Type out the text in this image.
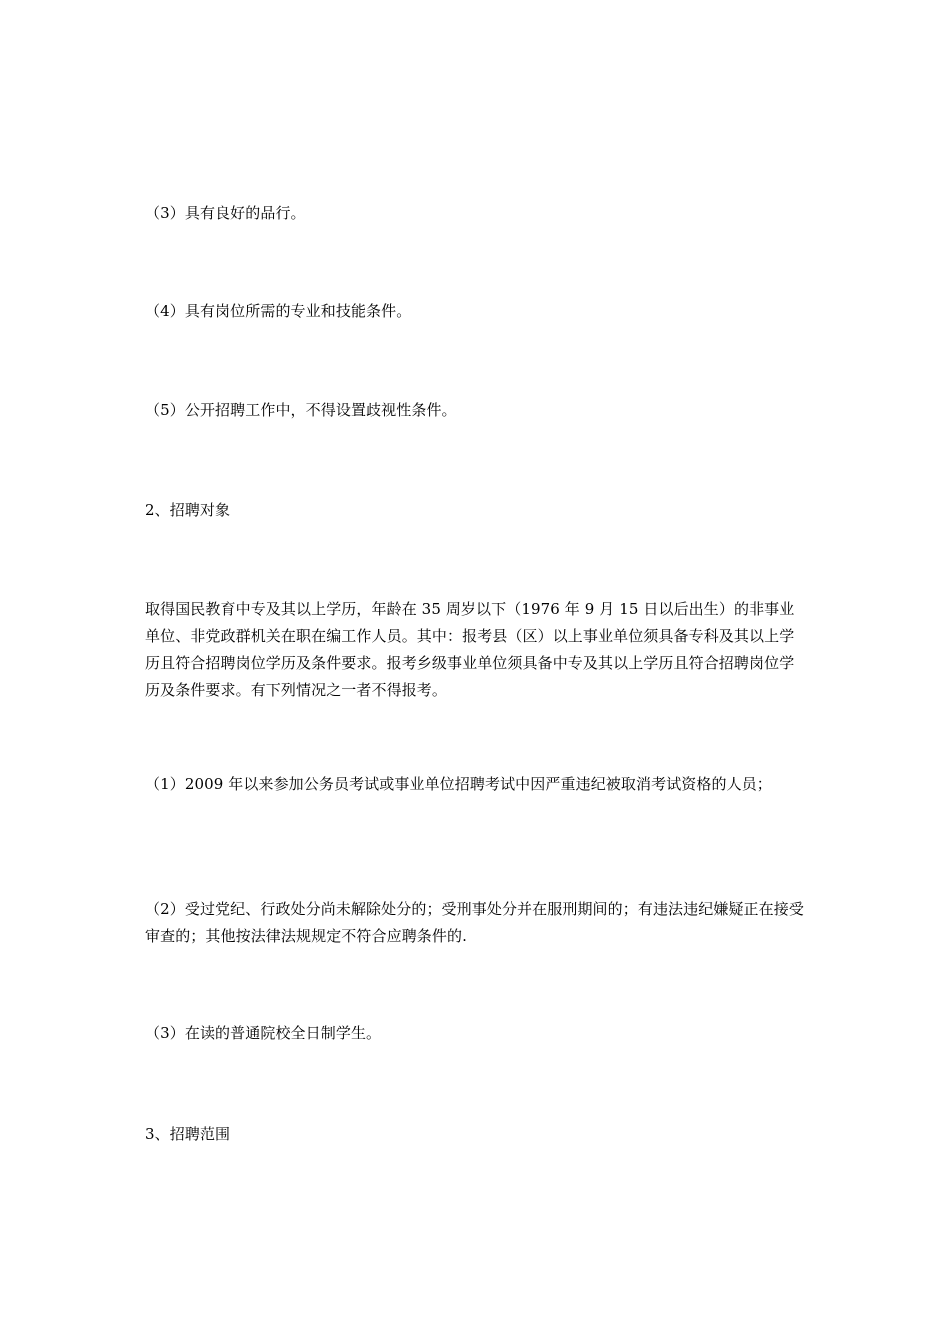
（3）具有良好的品行。

（4）具有岗位所需的专业和技能条件。

（5）公开招聘工作中，不得设置歧视性条件。

2、招聘对象

取得国民教育中专及其以上学历，年龄在 35 周岁以下（1976 年 9 月 15 日以后出生）的非事业单位、非党政群机关在职在编工作人员。其中：报考县（区）以上事业单位须具备专科及其以上学历且符合招聘岗位学历及条件要求。报考乡级事业单位须具备中专及其以上学历且符合招聘岗位学历及条件要求。有下列情况之一者不得报考。

（1）2009 年以来参加公务员考试或事业单位招聘考试中因严重违纪被取消考试资格的人员；

（2）受过党纪、行政处分尚未解除处分的；受刑事处分并在服刑期间的；有违法违纪嫌疑正在接受审查的；其他按法律法规规定不符合应聘条件的.

（3）在读的普通院校全日制学生。

3、招聘范围
